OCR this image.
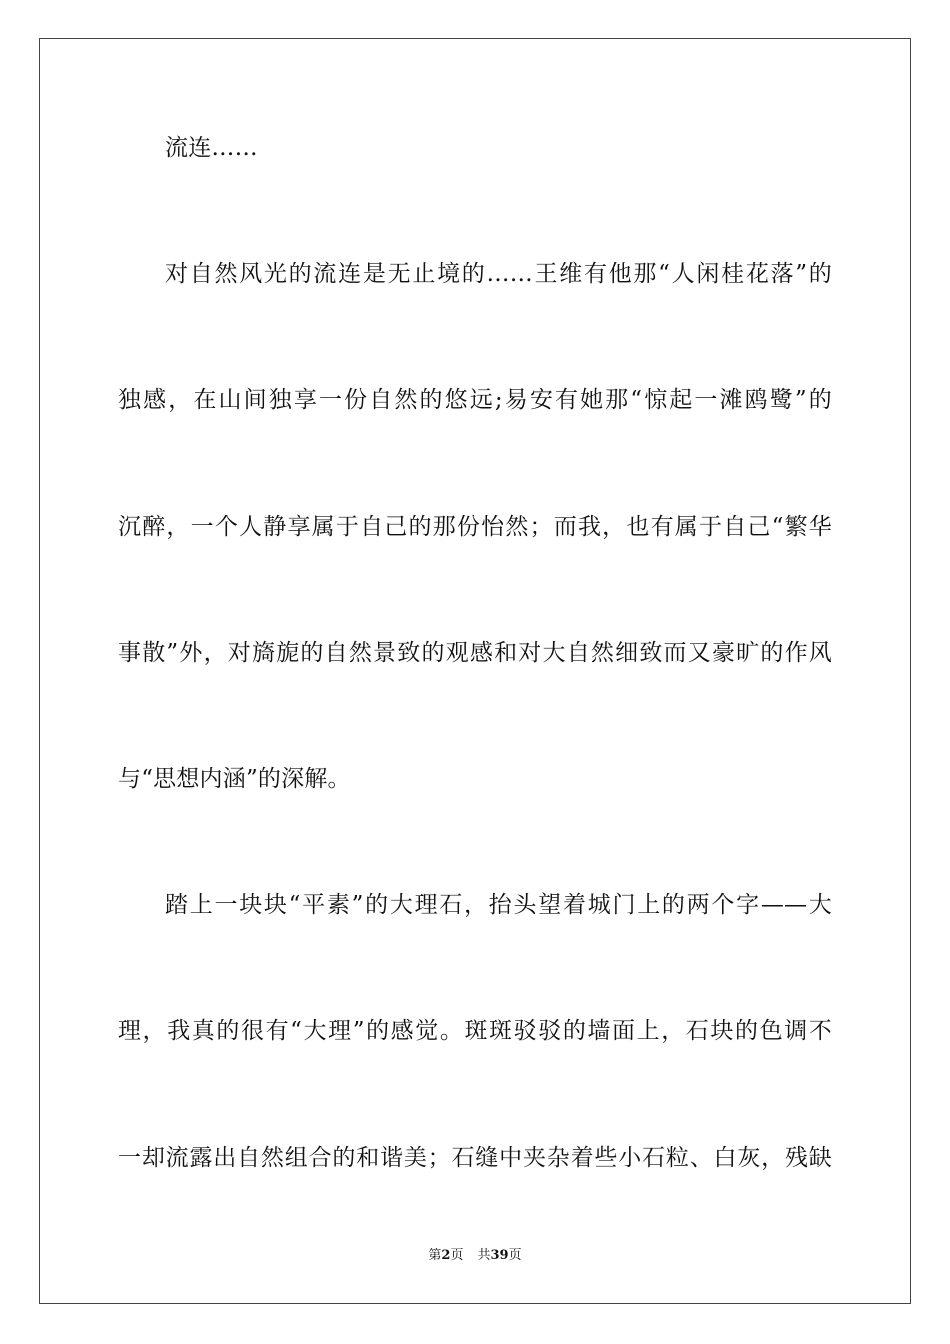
流连……
对自然风光的流连是无止境的……王维有他那“人闲桂花落”的
独感，在山间独享一份自然的悠远;易安有她那“惊起一滩鸥鹭”的
沉醉，一个人静享属于自己的那份怡然；而我，也有属于自己“繁华
事散”外，对旖旎的自然景致的观感和对大自然细致而又豪旷的作风
与“思想内涵”的深解。
踏上一块块“平素”的大理石，抬头望着城门上的两个字——大
理，我真的很有“大理”的感觉。斑斑驳驳的墙面上，石块的色调不
一却流露出自然组合的和谐美；石缝中夹杂着些小石粒、白灰，残缺
第2页 共39页
